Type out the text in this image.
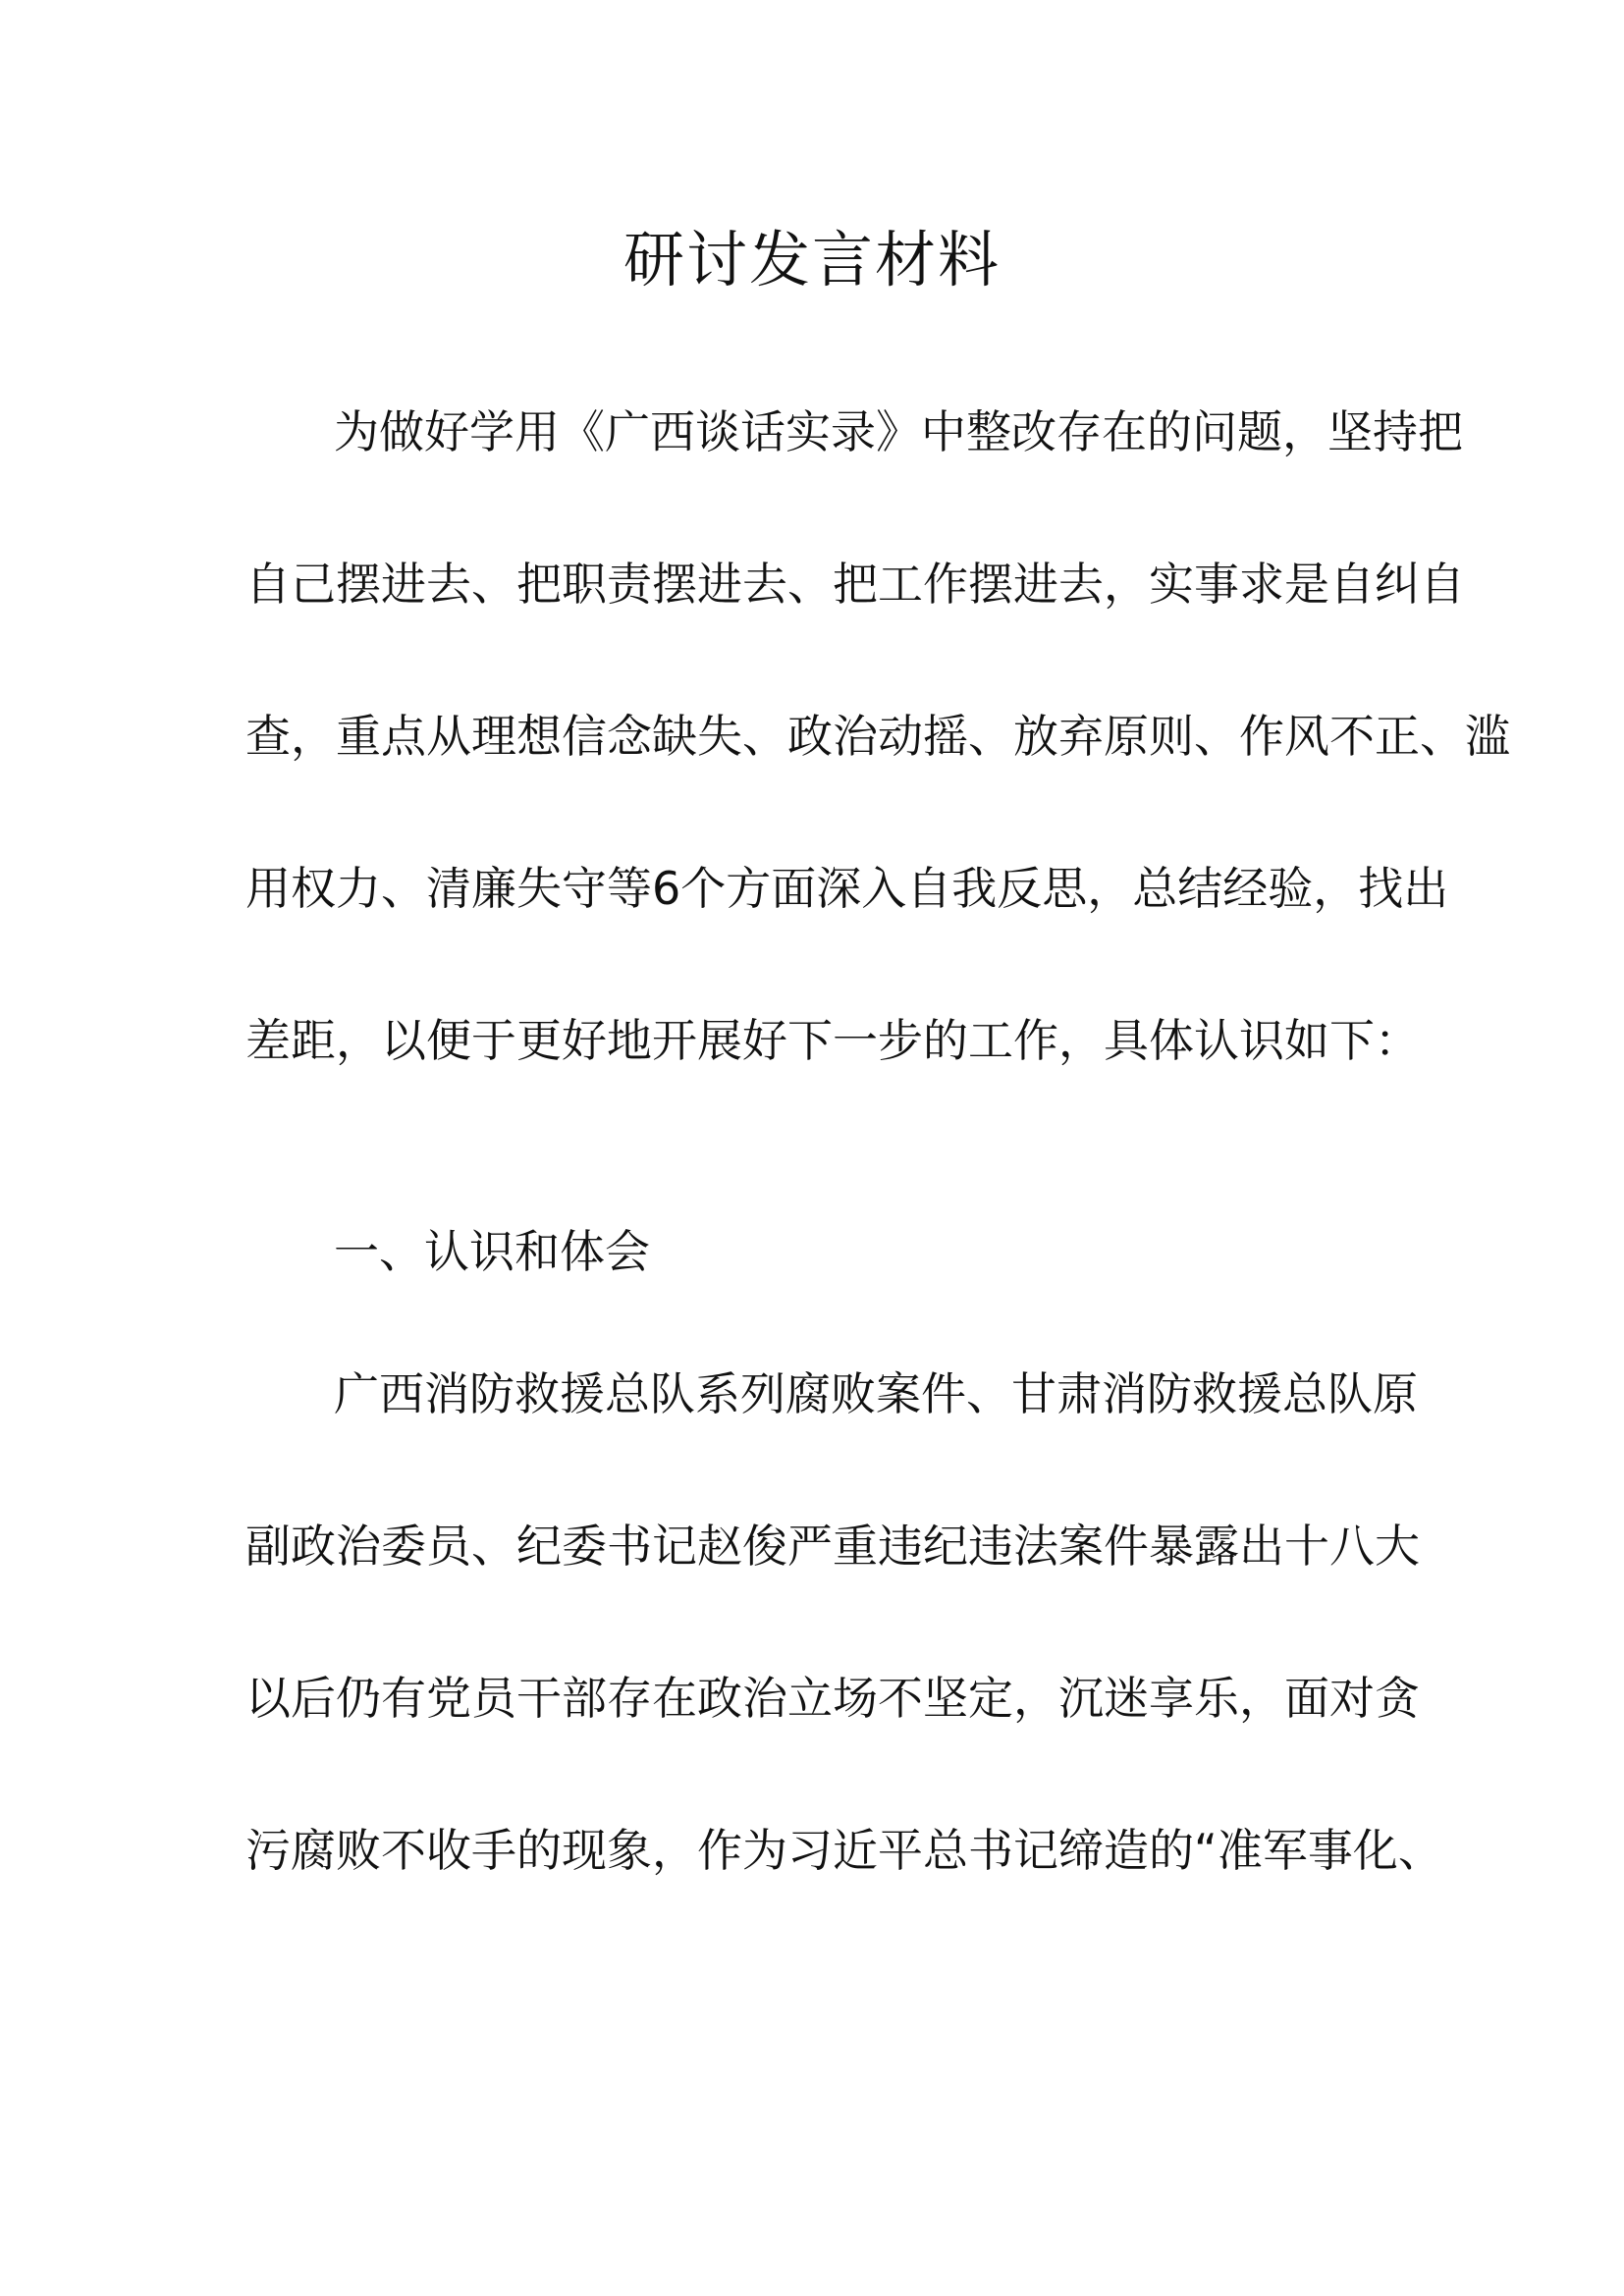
研讨发言材料
为做好学用《广西谈话实录》中整改存在的问题，坚持把
自己摆进去、把职责摆进去、把工作摆进去，实事求是自纠自
查，重点从理想信念缺失、政治动摇、放弃原则、作风不正、滥
用权力、清廉失守等6个方面深入自我反思，总结经验，找出
差距，以便于更好地开展好下一步的工作，具体认识如下：
一、认识和体会
广西消防救援总队系列腐败案件、甘肃消防救援总队原
副政治委员、纪委书记赵俊严重违纪违法案件暴露出十八大
以后仍有党员干部存在政治立场不坚定，沉迷享乐，面对贪
污腐败不收手的现象，作为习近平总书记缔造的“准军事化、
